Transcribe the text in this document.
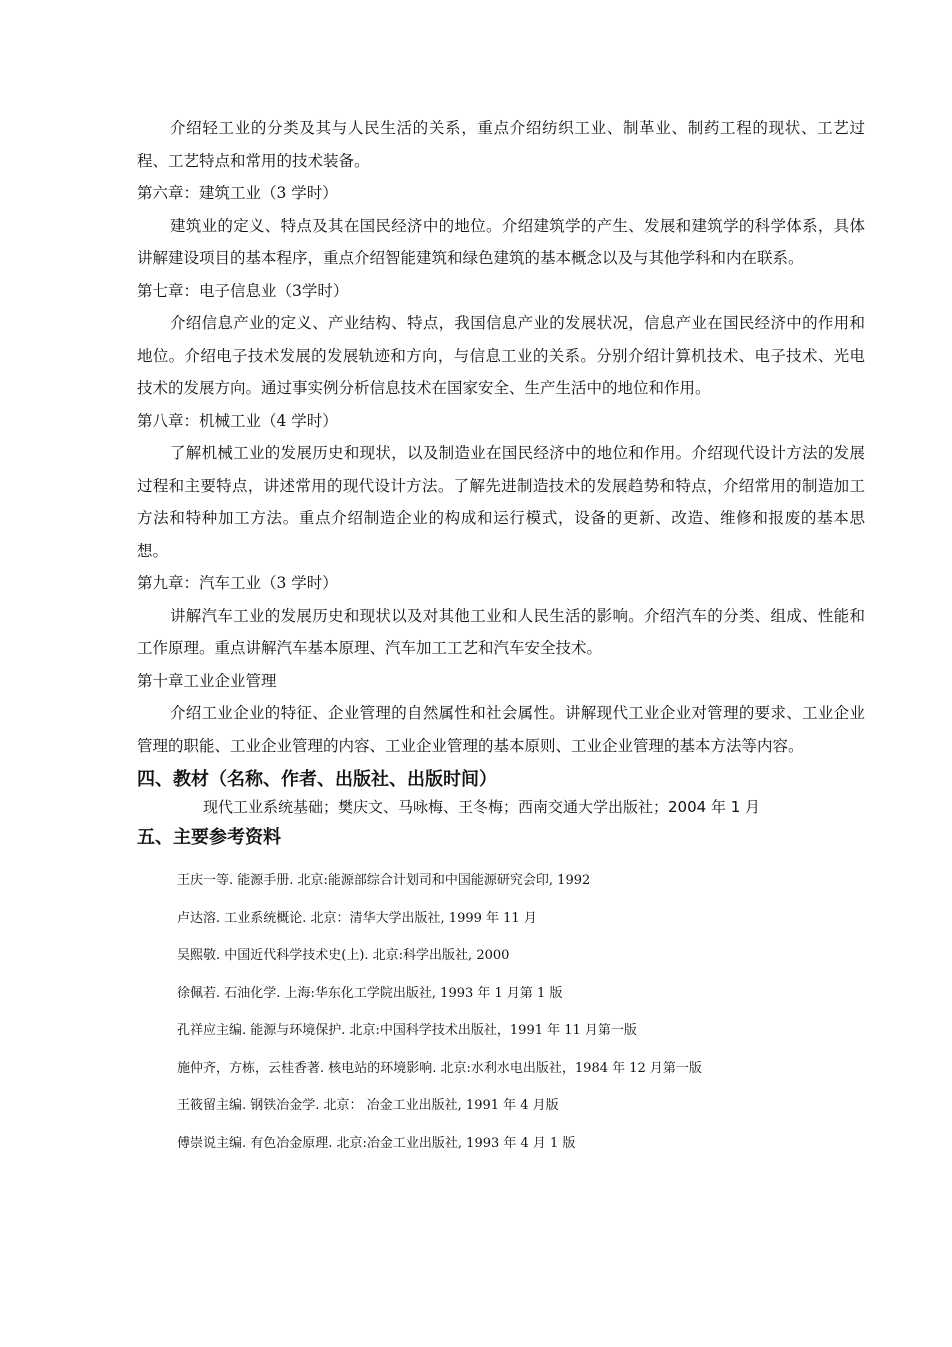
介绍轻工业的分类及其与人民生活的关系，重点介绍纺织工业、制革业、制药工程的现状、工艺过程、工艺特点和常用的技术装备。

第六章：建筑工业（3 学时）

建筑业的定义、特点及其在国民经济中的地位。介绍建筑学的产生、发展和建筑学的科学体系，具体讲解建设项目的基本程序，重点介绍智能建筑和绿色建筑的基本概念以及与其他学科和内在联系。

第七章：电子信息业（3学时）

介绍信息产业的定义、产业结构、特点，我国信息产业的发展状况，信息产业在国民经济中的作用和地位。介绍电子技术发展的发展轨迹和方向，与信息工业的关系。分别介绍计算机技术、电子技术、光电技术的发展方向。通过事实例分析信息技术在国家安全、生产生活中的地位和作用。

第八章：机械工业（4 学时）

了解机械工业的发展历史和现状，以及制造业在国民经济中的地位和作用。介绍现代设计方法的发展过程和主要特点，讲述常用的现代设计方法。了解先进制造技术的发展趋势和特点，介绍常用的制造加工方法和特种加工方法。重点介绍制造企业的构成和运行模式，设备的更新、改造、维修和报废的基本思想。

第九章：汽车工业（3 学时）

讲解汽车工业的发展历史和现状以及对其他工业和人民生活的影响。介绍汽车的分类、组成、性能和工作原理。重点讲解汽车基本原理、汽车加工工艺和汽车安全技术。

第十章工业企业管理

介绍工业企业的特征、企业管理的自然属性和社会属性。讲解现代工业企业对管理的要求、工业企业管理的职能、工业企业管理的内容、工业企业管理的基本原则、工业企业管理的基本方法等内容。

四、教材（名称、作者、出版社、出版时间）

现代工业系统基础；樊庆文、马咏梅、王冬梅；西南交通大学出版社；2004 年 1 月

五、主要参考资料
王庆一等. 能源手册. 北京:能源部综合计划司和中国能源研究会印, 1992
卢达溶. 工业系统概论. 北京：清华大学出版社, 1999 年 11 月
吴熙敬. 中国近代科学技术史(上). 北京:科学出版社, 2000
徐佩若. 石油化学. 上海:华东化工学院出版社, 1993 年 1 月第 1 版
孔祥应主编. 能源与环境保护. 北京:中国科学技术出版社，1991 年 11 月第一版
施仲齐，方栋，云桂香著. 核电站的环境影响. 北京:水利水电出版社，1984 年 12 月第一版
王筱留主编. 钢铁冶金学. 北京： 冶金工业出版社, 1991 年 4 月版
傅崇说主编. 有色冶金原理. 北京:冶金工业出版社, 1993 年 4 月 1 版
